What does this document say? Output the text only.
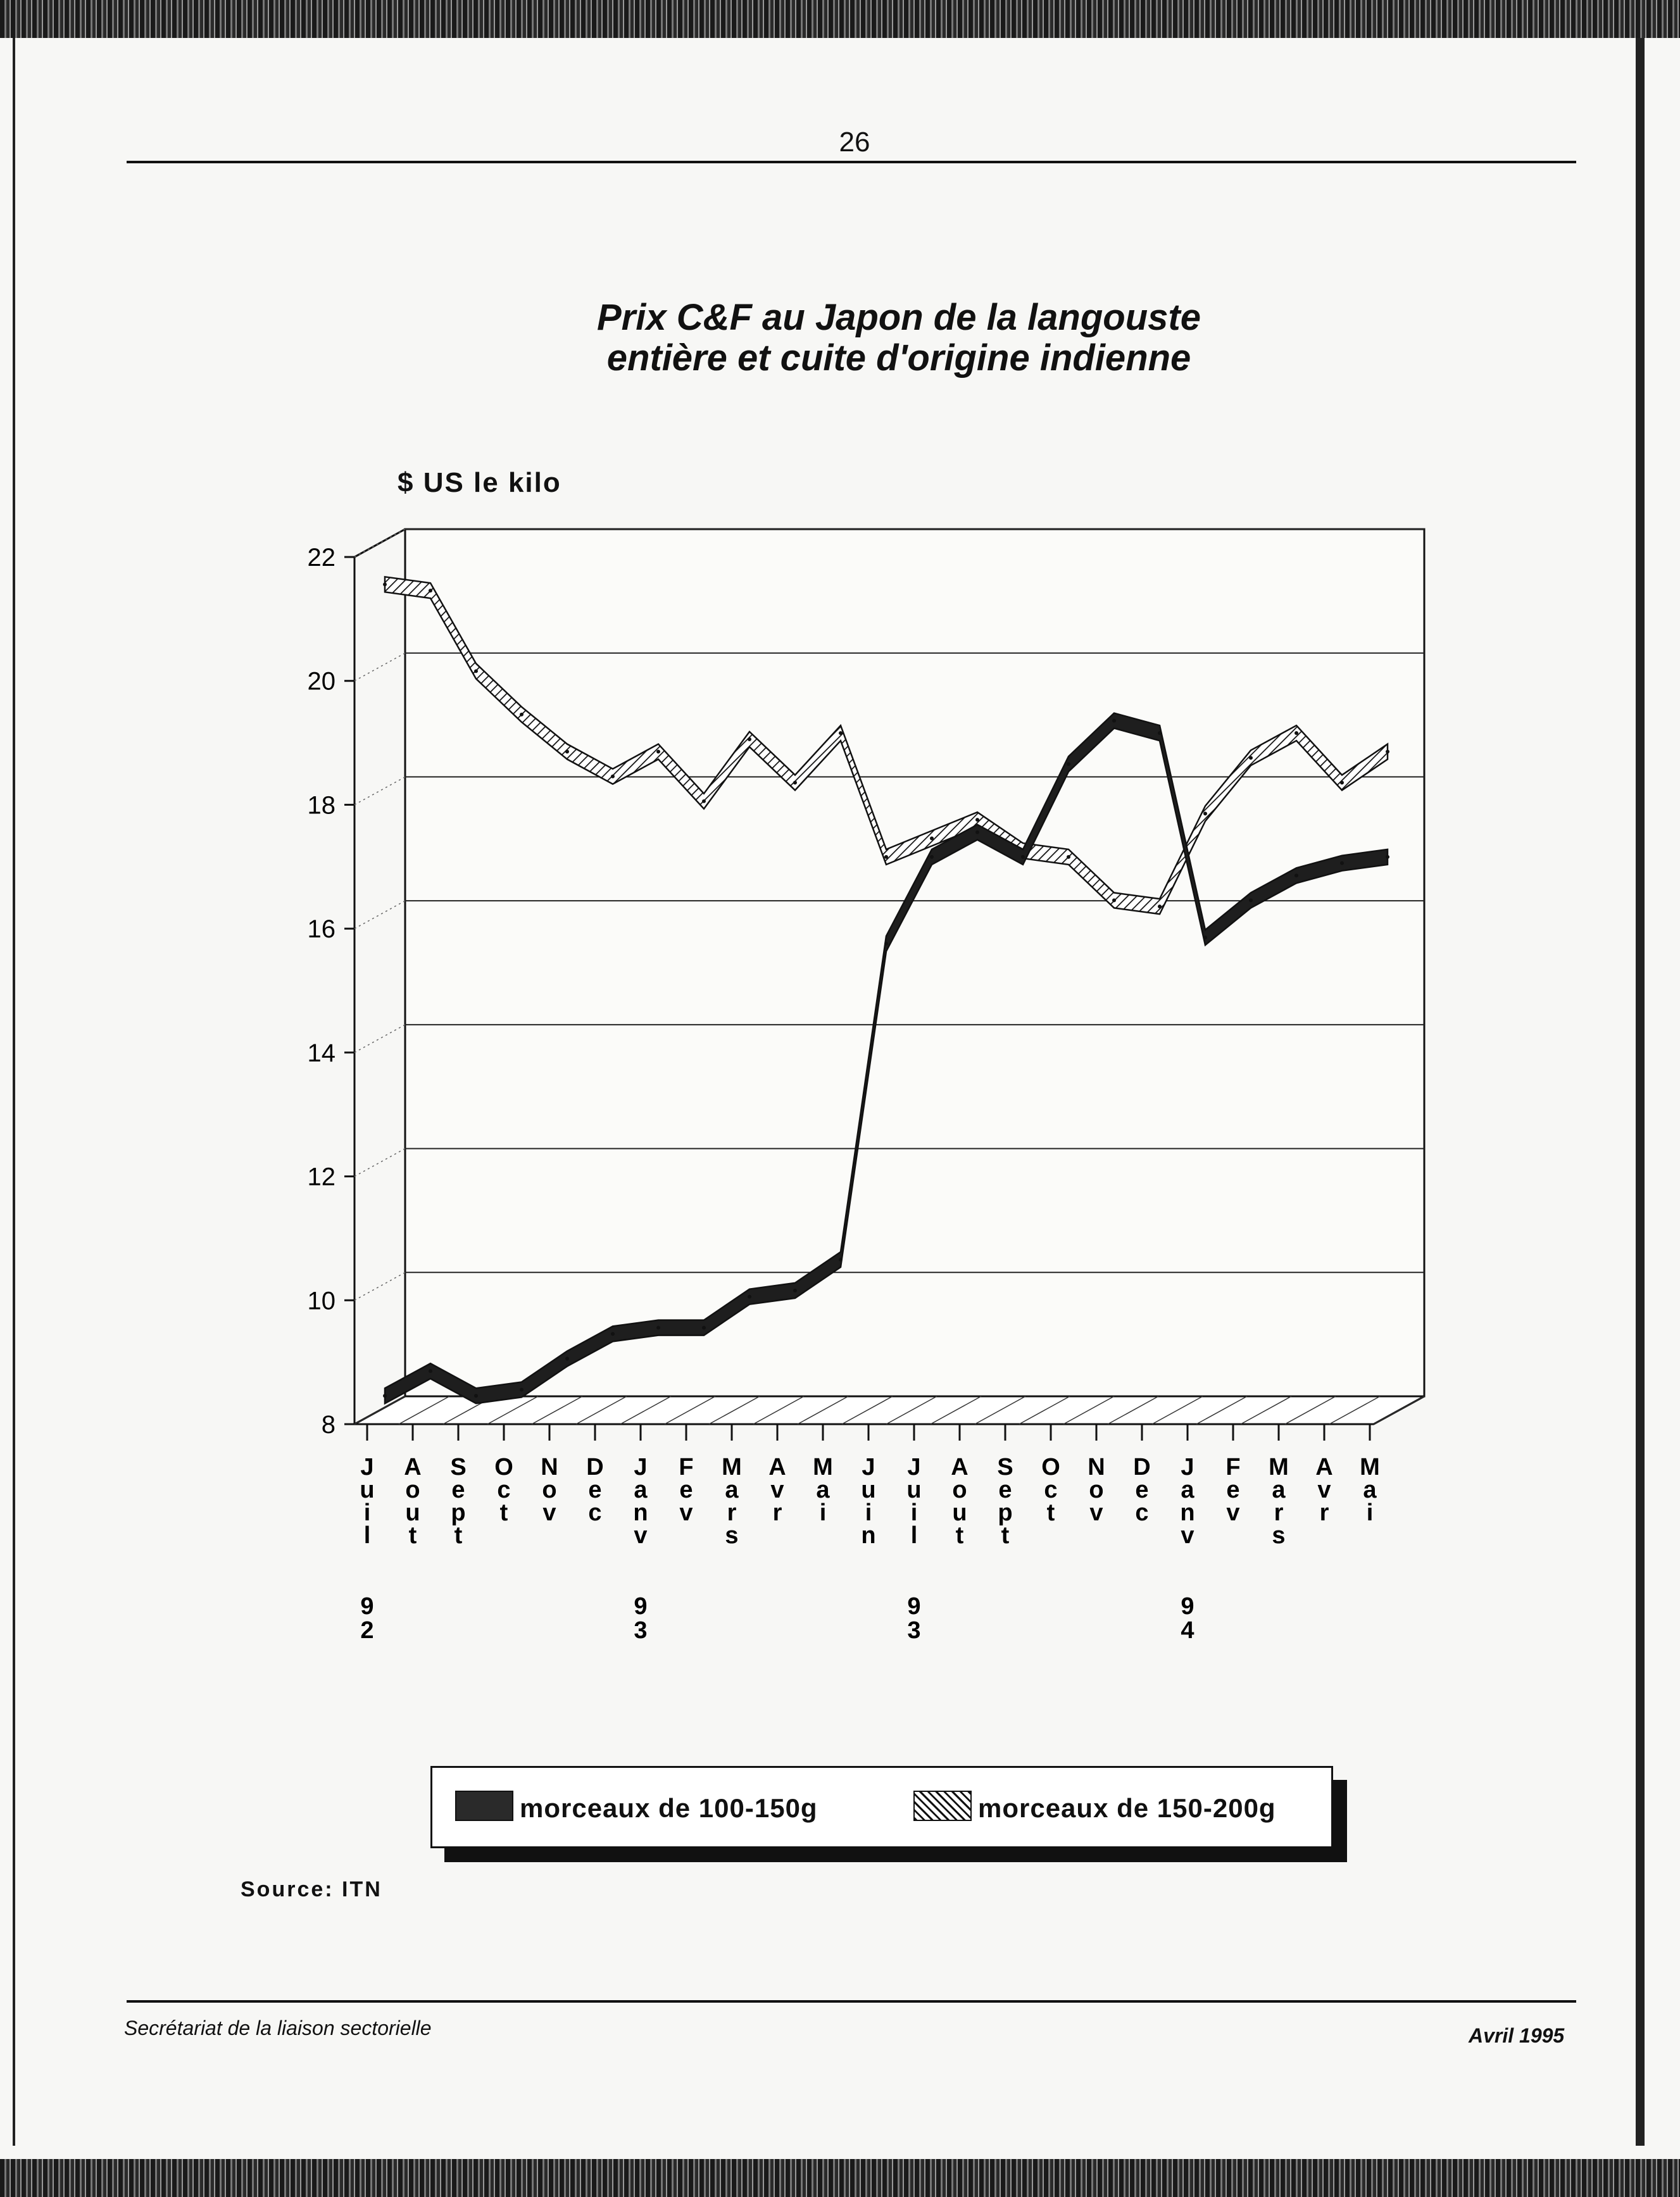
26
Prix C&F au Japon de la langouste
entière et cuite d'origine indienne
$ US le kilo
8
10
12
14
16
18
20
22
J
u
i
l
9
2
A
o
u
t
S
e
p
t
O
c
t
N
o
v
D
e
c
J
a
n
v
9
3
F
e
v
M
a
r
s
A
v
r
M
a
i
J
u
i
n
J
u
i
l
9
3
A
o
u
t
S
e
p
t
O
c
t
N
o
v
D
e
c
J
a
n
v
9
4
F
e
v
M
a
r
s
A
v
r
M
a
i
morceaux de 100-150g	morceaux de 150-200g
Source: ITN
Secrétariat de la liaison sectorielle	Avril 1995
